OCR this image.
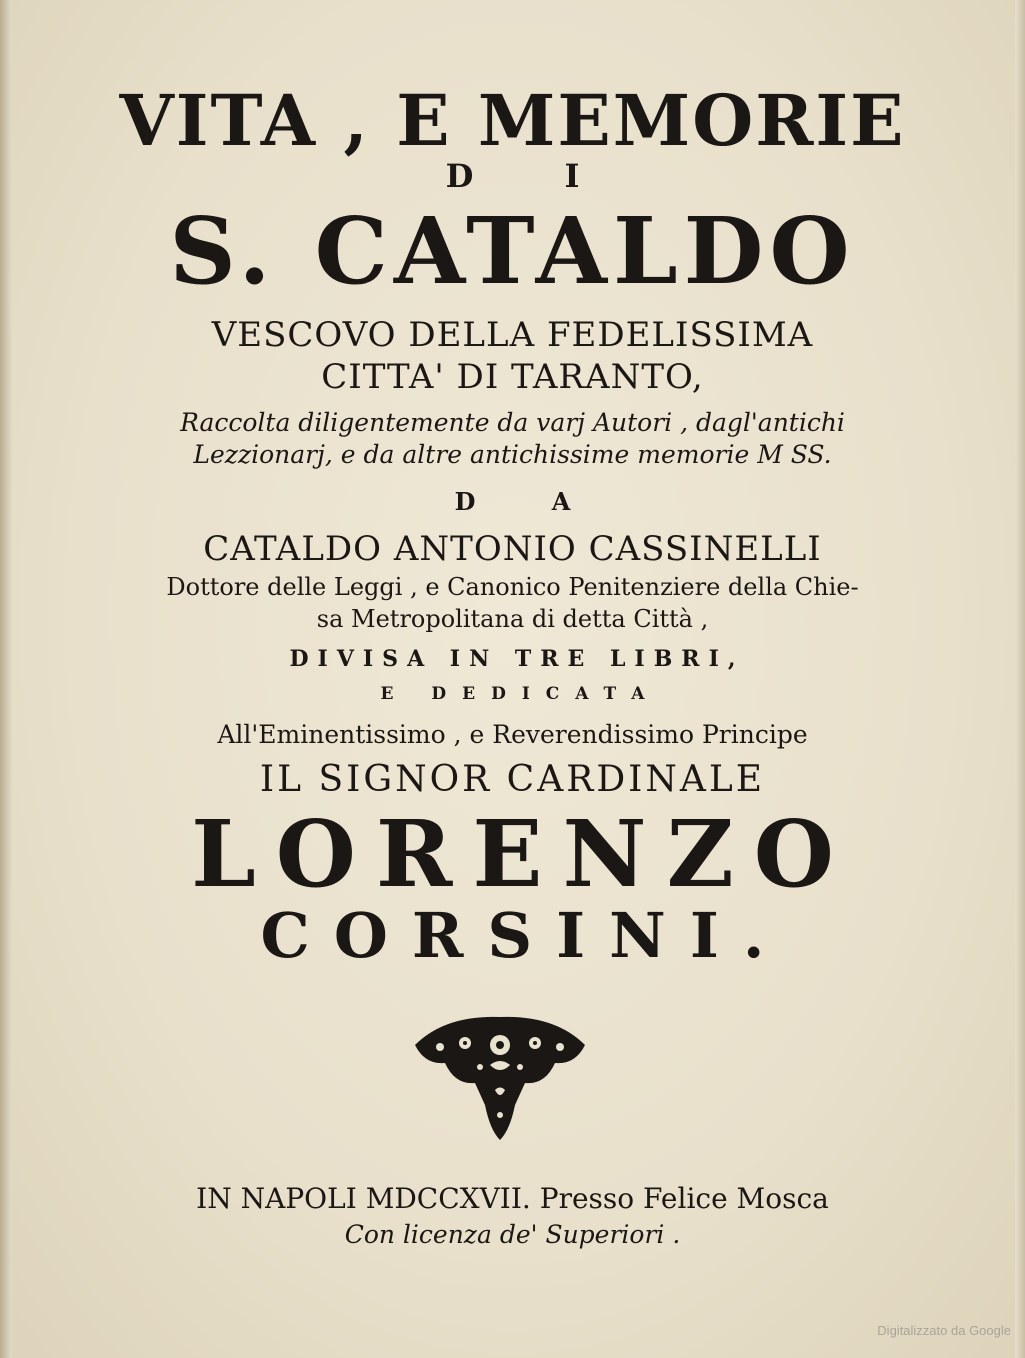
VITA , E MEMORIE
D I
S. CATALDO
VESCOVO DELLA FEDELISSIMA
CITTA' DI TARANTO,
Raccolta diligentemente da varj Autori , dagl'antichi
Lezzionarj, e da altre antichissime memorie M SS.
D A
CATALDO ANTONIO CASSINELLI
Dottore delle Leggi , e Canonico Penitenziere della Chie-
sa Metropolitana di detta Città ,
DIVISA IN TRE LIBRI,
E DEDICATA
All'Eminentissimo , e Reverendissimo Principe
IL SIGNOR CARDINALE
LORENZO
CORSINI.
IN NAPOLI MDCCXVII. Presso Felice Mosca
Con licenza de' Superiori .
Digitalizzato da Google
